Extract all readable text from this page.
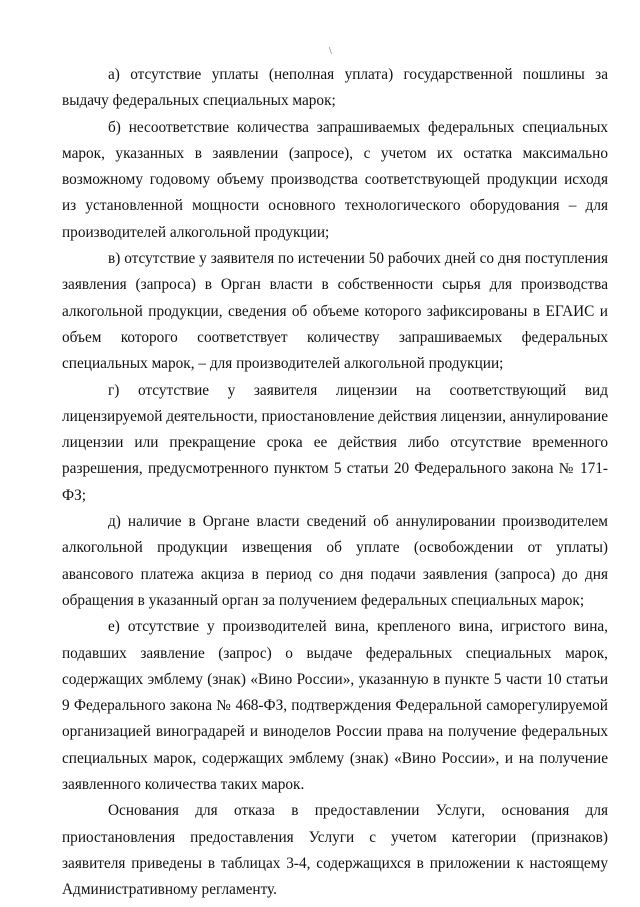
\

а) отсутствие уплаты (неполная уплата) государственной пошлины за выдачу федеральных специальных марок;

б) несоответствие количества запрашиваемых федеральных специальных марок, указанных в заявлении (запросе), с учетом их остатка максимально возможному годовому объему производства соответствующей продукции исходя из установленной мощности основного технологического оборудования – для производителей алкогольной продукции;

в) отсутствие у заявителя по истечении 50 рабочих дней со дня поступления заявления (запроса) в Орган власти в собственности сырья для производства алкогольной продукции, сведения об объеме которого зафиксированы в ЕГАИС и объем которого соответствует количеству запрашиваемых федеральных специальных марок, – для производителей алкогольной продукции;

г) отсутствие у заявителя лицензии на соответствующий вид лицензируемой деятельности, приостановление действия лицензии, аннулирование лицензии или прекращение срока ее действия либо отсутствие временного разрешения, предусмотренного пунктом 5 статьи 20 Федерального закона № 171-ФЗ;

д) наличие в Органе власти сведений об аннулировании производителем алкогольной продукции извещения об уплате (освобождении от уплаты) авансового платежа акциза в период со дня подачи заявления (запроса) до дня обращения в указанный орган за получением федеральных специальных марок;

е) отсутствие у производителей вина, крепленого вина, игристого вина, подавших заявление (запрос) о выдаче федеральных специальных марок, содержащих эмблему (знак) «Вино России», указанную в пункте 5 части 10 статьи 9 Федерального закона № 468-ФЗ, подтверждения Федеральной саморегулируемой организацией виноградарей и виноделов России права на получение федеральных специальных марок, содержащих эмблему (знак) «Вино России», и на получение заявленного количества таких марок.

Основания для отказа в предоставлении Услуги, основания для приостановления предоставления Услуги с учетом категории (признаков) заявителя приведены в таблицах 3-4, содержащихся в приложении к настоящему Административному регламенту.
